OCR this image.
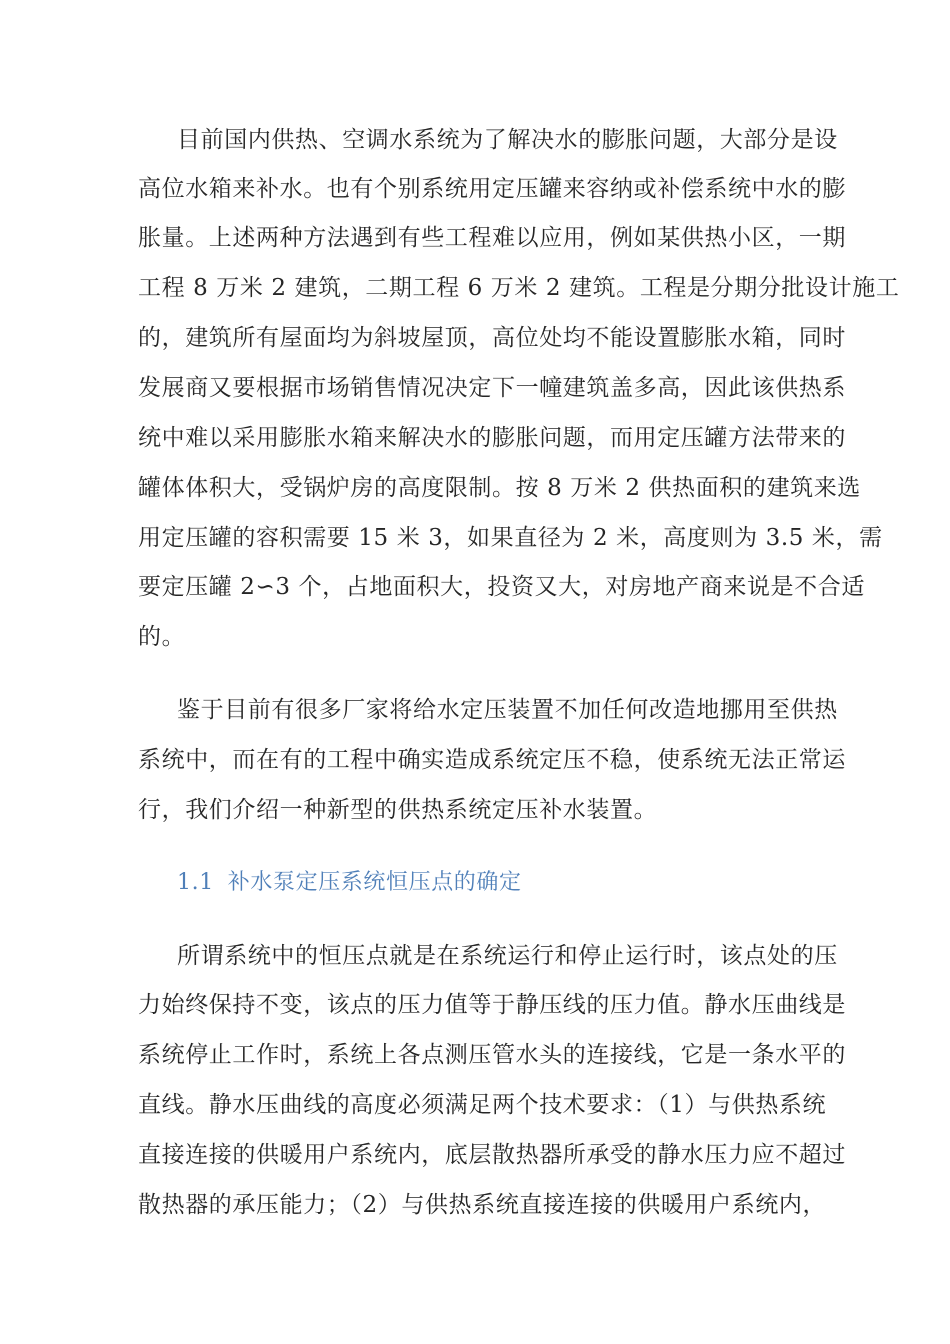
目前国内供热、空调水系统为了解决水的膨胀问题，大部分是设
高位水箱来补水。也有个别系统用定压罐来容纳或补偿系统中水的膨
胀量。上述两种方法遇到有些工程难以应用，例如某供热小区，一期
工程 8 万米 2 建筑，二期工程 6 万米 2 建筑。工程是分期分批设计施工
的，建筑所有屋面均为斜坡屋顶，高位处均不能设置膨胀水箱，同时
发展商又要根据市场销售情况决定下一幢建筑盖多高，因此该供热系
统中难以采用膨胀水箱来解决水的膨胀问题，而用定压罐方法带来的
罐体体积大，受锅炉房的高度限制。按 8 万米 2 供热面积的建筑来选
用定压罐的容积需要 15 米 3，如果直径为 2 米，高度则为 3.5 米，需
要定压罐 2∽3 个，占地面积大，投资又大，对房地产商来说是不合适
的。
鉴于目前有很多厂家将给水定压装置不加任何改造地挪用至供热
系统中，而在有的工程中确实造成系统定压不稳，使系统无法正常运
行，我们介绍一种新型的供热系统定压补水装置。
1.1 补水泵定压系统恒压点的确定
所谓系统中的恒压点就是在系统运行和停止运行时，该点处的压
力始终保持不变，该点的压力值等于静压线的压力值。静水压曲线是
系统停止工作时，系统上各点测压管水头的连接线，它是一条水平的
直线。静水压曲线的高度必须满足两个技术要求：（1）与供热系统
直接连接的供暖用户系统内，底层散热器所承受的静水压力应不超过
散热器的承压能力；（2）与供热系统直接连接的供暖用户系统内，
